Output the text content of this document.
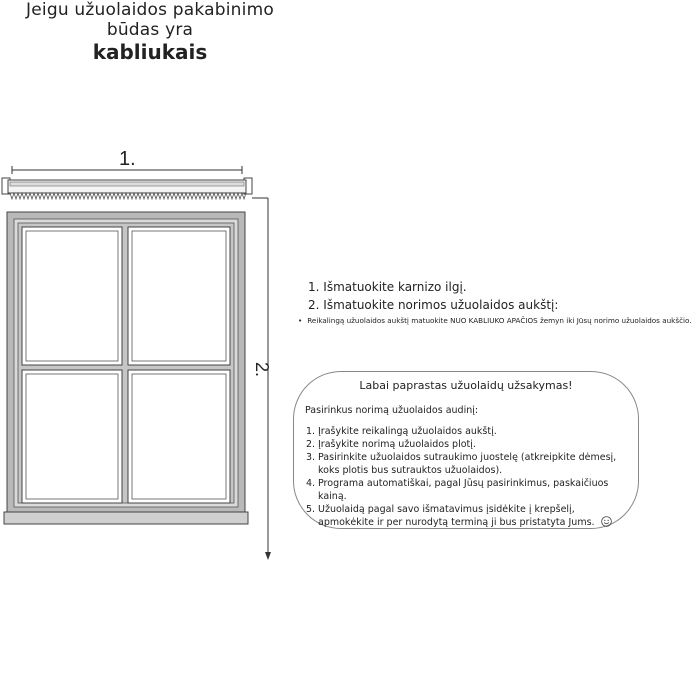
1.
2.
Jeigu užuolaidos pakabinimo būdas yra
kabliukais
1. Išmatuokite karnizo ilgį.
2. Išmatuokite norimos užuolaidos aukštį:
• Reikalingą užuolaidos aukštį matuokite NUO KABLIUKO APAČIOS žemyn iki Jūsų norimo užuolaidos aukščio.
Labai paprastas užuolaidų užsakymas!
Pasirinkus norimą užuolaidos audinį:
1. Įrašykite reikalingą užuolaidos aukštį.
2. Įrašykite norimą užuolaidos plotį.
3. Pasirinkite užuolaidos sutraukimo juostelę (atkreipkite dėmesį, koks plotis bus sutrauktos užuolaidos).
4. Programa automatiškai, pagal Jūsų pasirinkimus, paskaičiuos kainą.
5. Užuolaidą pagal savo išmatavimus įsidėkite į krepšelį, apmokėkite ir per nurodytą terminą ji bus pristatyta Jums.
